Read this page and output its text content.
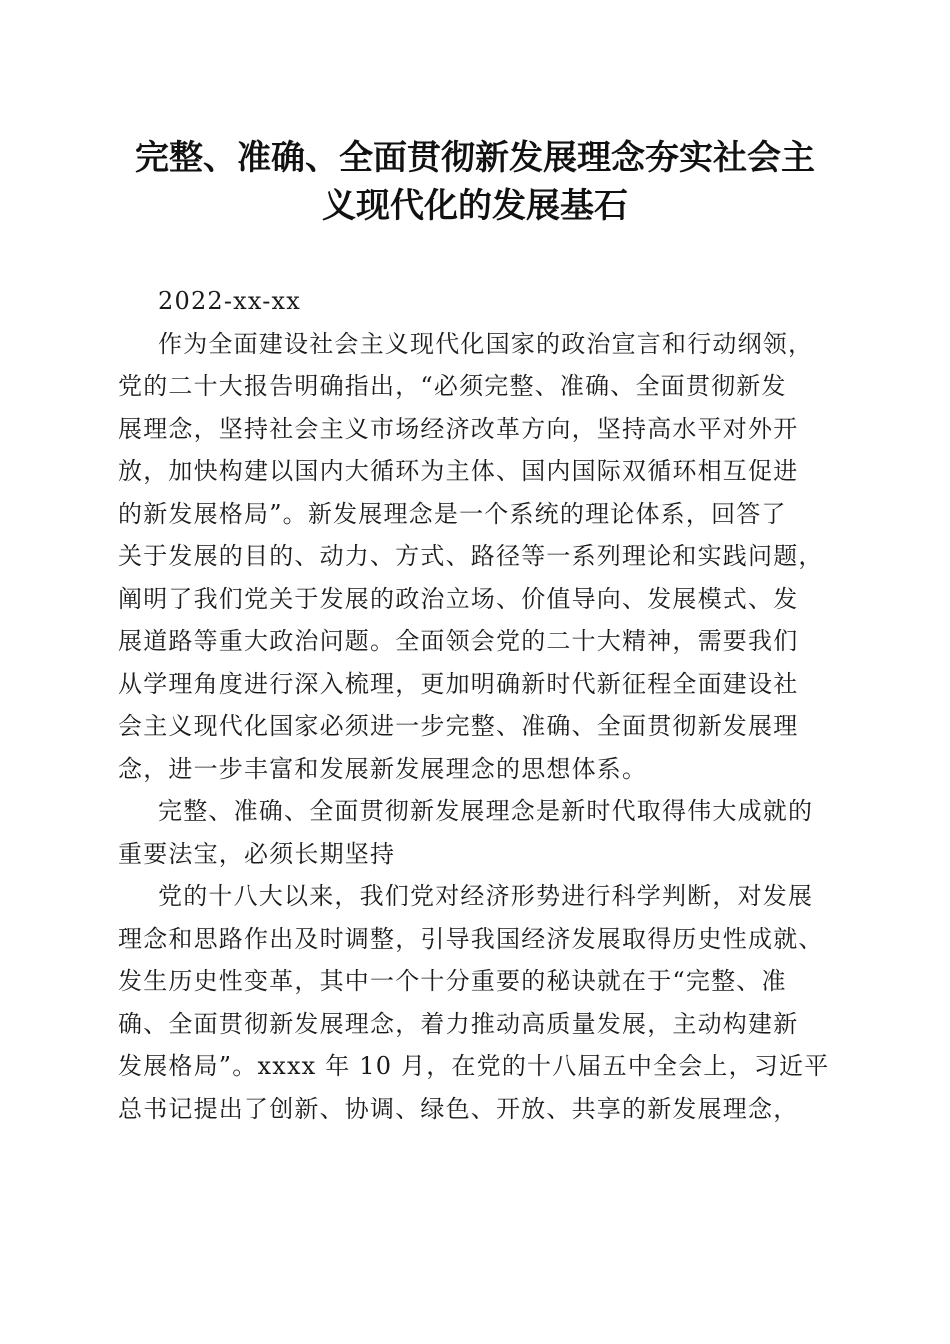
完整、准确、全面贯彻新发展理念夯实社会主
义现代化的发展基石
2022-xx-xx
作为全面建设社会主义现代化国家的政治宣言和行动纲领，
党的二十大报告明确指出，“必须完整、准确、全面贯彻新发
展理念，坚持社会主义市场经济改革方向，坚持高水平对外开
放，加快构建以国内大循环为主体、国内国际双循环相互促进
的新发展格局”。新发展理念是一个系统的理论体系，回答了
关于发展的目的、动力、方式、路径等一系列理论和实践问题，
阐明了我们党关于发展的政治立场、价值导向、发展模式、发
展道路等重大政治问题。全面领会党的二十大精神，需要我们
从学理角度进行深入梳理，更加明确新时代新征程全面建设社
会主义现代化国家必须进一步完整、准确、全面贯彻新发展理
念，进一步丰富和发展新发展理念的思想体系。
完整、准确、全面贯彻新发展理念是新时代取得伟大成就的
重要法宝，必须长期坚持
党的十八大以来，我们党对经济形势进行科学判断，对发展
理念和思路作出及时调整，引导我国经济发展取得历史性成就、
发生历史性变革，其中一个十分重要的秘诀就在于“完整、准
确、全面贯彻新发展理念，着力推动高质量发展，主动构建新
发展格局”。xxxx 年 10 月，在党的十八届五中全会上，习近平
总书记提出了创新、协调、绿色、开放、共享的新发展理念，
